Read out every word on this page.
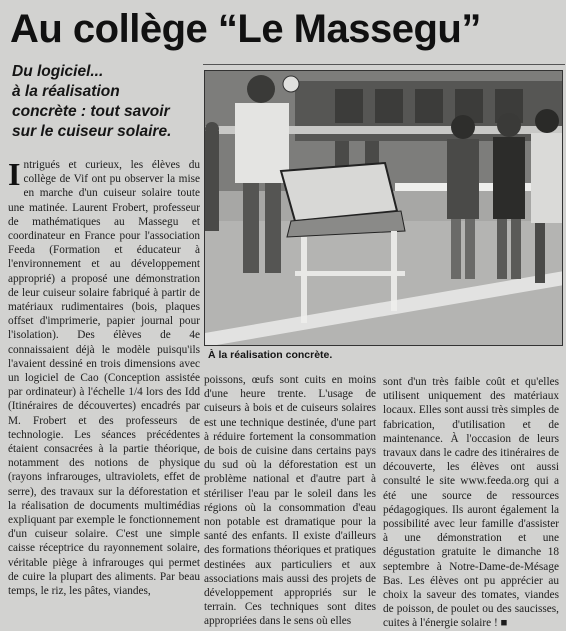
Au collège “Le Massegu”
Du logiciel...
à la réalisation
concrète : tout savoir
sur le cuiseur solaire.
À la réalisation concrète.
Intrigués et curieux, les élèves du collège de Vif ont pu observer la mise en marche d'un cuiseur solaire toute une matinée. Laurent Frobert, professeur de mathématiques au Massegu et coordinateur en France pour l'association Feeda (Formation et éducateur à l'environnement et au développement approprié) a proposé une démonstration de leur cuiseur solaire fabriqué à partir de matériaux rudimentaires (bois, plaques offset d'imprimerie, papier journal pour l'isolation). Des élèves de 4e connaissaient déjà le modèle puisqu'ils l'avaient dessiné en trois dimensions avec un logiciel de Cao (Conception assistée par ordinateur) à l'échelle 1/4 lors des Idd (Itinéraires de découvertes) encadrés par M. Frobert et des professeurs de technologie. Les séances précédentes étaient consacrées à la partie théorique, notamment des notions de physique (rayons infrarouges, ultraviolets, effet de serre), des travaux sur la déforestation et la réalisation de documents multimédias expliquant par exemple le fonctionnement d'un cuiseur solaire. C'est une simple caisse réceptrice du rayonnement solaire, véritable piège à infrarouges qui permet de cuire la plupart des aliments. Par beau temps, le riz, les pâtes, viandes,
poissons, œufs sont cuits en moins d'une heure trente. L'usage de cuiseurs à bois et de cuiseurs solaires est une technique destinée, d'une part à réduire fortement la consommation de bois de cuisine dans certains pays du sud où la déforestation est un problème national et d'autre part à stériliser l'eau par le soleil dans les régions où la consommation d'eau non potable est dramatique pour la santé des enfants. Il existe d'ailleurs des formations théoriques et pratiques destinées aux particuliers et aux associations mais aussi des projets de développement appropriés sur le terrain. Ces techniques sont dites appropriées dans le sens où elles
sont d'un très faible coût et qu'elles utilisent uniquement des matériaux locaux. Elles sont aussi très simples de fabrication, d'utilisation et de maintenance. À l'occasion de leurs travaux dans le cadre des itinéraires de découverte, les élèves ont aussi consulté le site www.feeda.org qui a été une source de ressources pédagogiques. Ils auront également la possibilité avec leur famille d'assister à une démonstration et une dégustation gratuite le dimanche 18 septembre à Notre-Dame-de-Mésage Bas. Les élèves ont pu apprécier au choix la saveur des tomates, viandes de poisson, de poulet ou des saucisses, cuites à l'énergie solaire ! ■
